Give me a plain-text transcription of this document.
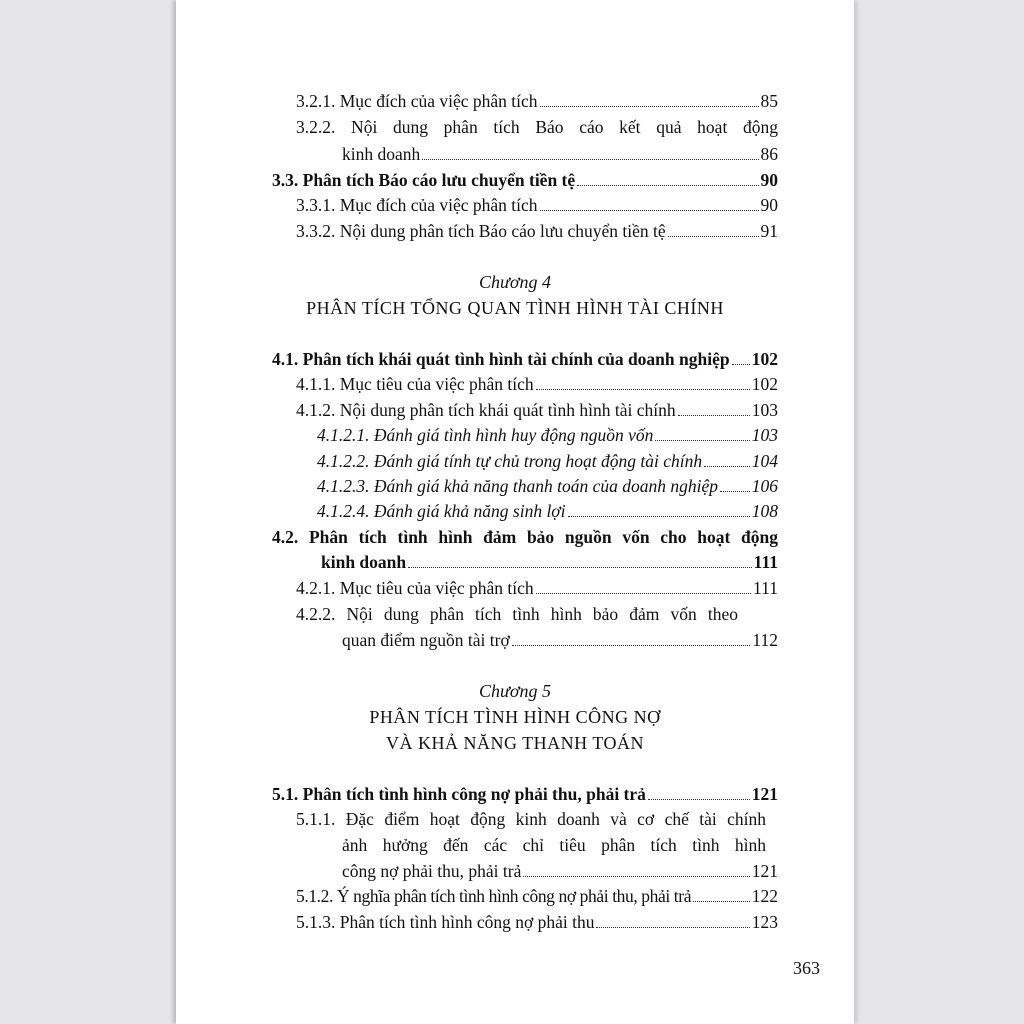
3.2.1. Mục đích của việc phân tích	85
3.2.2. Nội dung phân tích Báo cáo kết quả hoạt động
kinh doanh	86
3.3. Phân tích Báo cáo lưu chuyển tiền tệ	90
3.3.1. Mục đích của việc phân tích	90
3.3.2. Nội dung phân tích Báo cáo lưu chuyển tiền tệ	91
Chương 4
PHÂN TÍCH TỔNG QUAN TÌNH HÌNH TÀI CHÍNH
4.1. Phân tích khái quát tình hình tài chính của doanh nghiệp 102
4.1.1. Mục tiêu của việc phân tích	102
4.1.2. Nội dung phân tích khái quát tình hình tài chính	103
4.1.2.1. Đánh giá tình hình huy động nguồn vốn	103
4.1.2.2. Đánh giá tính tự chủ trong hoạt động tài chính	104
4.1.2.3. Đánh giá khả năng thanh toán của doanh nghiệp 106
4.1.2.4. Đánh giá khả năng sinh lợi	108
4.2. Phân tích tình hình đảm bảo nguồn vốn cho hoạt động
kinh doanh	111
4.2.1. Mục tiêu của việc phân tích	111
4.2.2. Nội dung phân tích tình hình bảo đảm vốn theo
quan điểm nguồn tài trợ	112
Chương 5
PHÂN TÍCH TÌNH HÌNH CÔNG NỢ
VÀ KHẢ NĂNG THANH TOÁN
5.1. Phân tích tình hình công nợ phải thu, phải trả	121
5.1.1. Đặc điểm hoạt động kinh doanh và cơ chế tài chính
ảnh hưởng đến các chỉ tiêu phân tích tình hình
công nợ phải thu, phải trả	121
5.1.2. Ý nghĩa phân tích tình hình công nợ phải thu, phải trả	122
5.1.3. Phân tích tình hình công nợ phải thu	123
363
